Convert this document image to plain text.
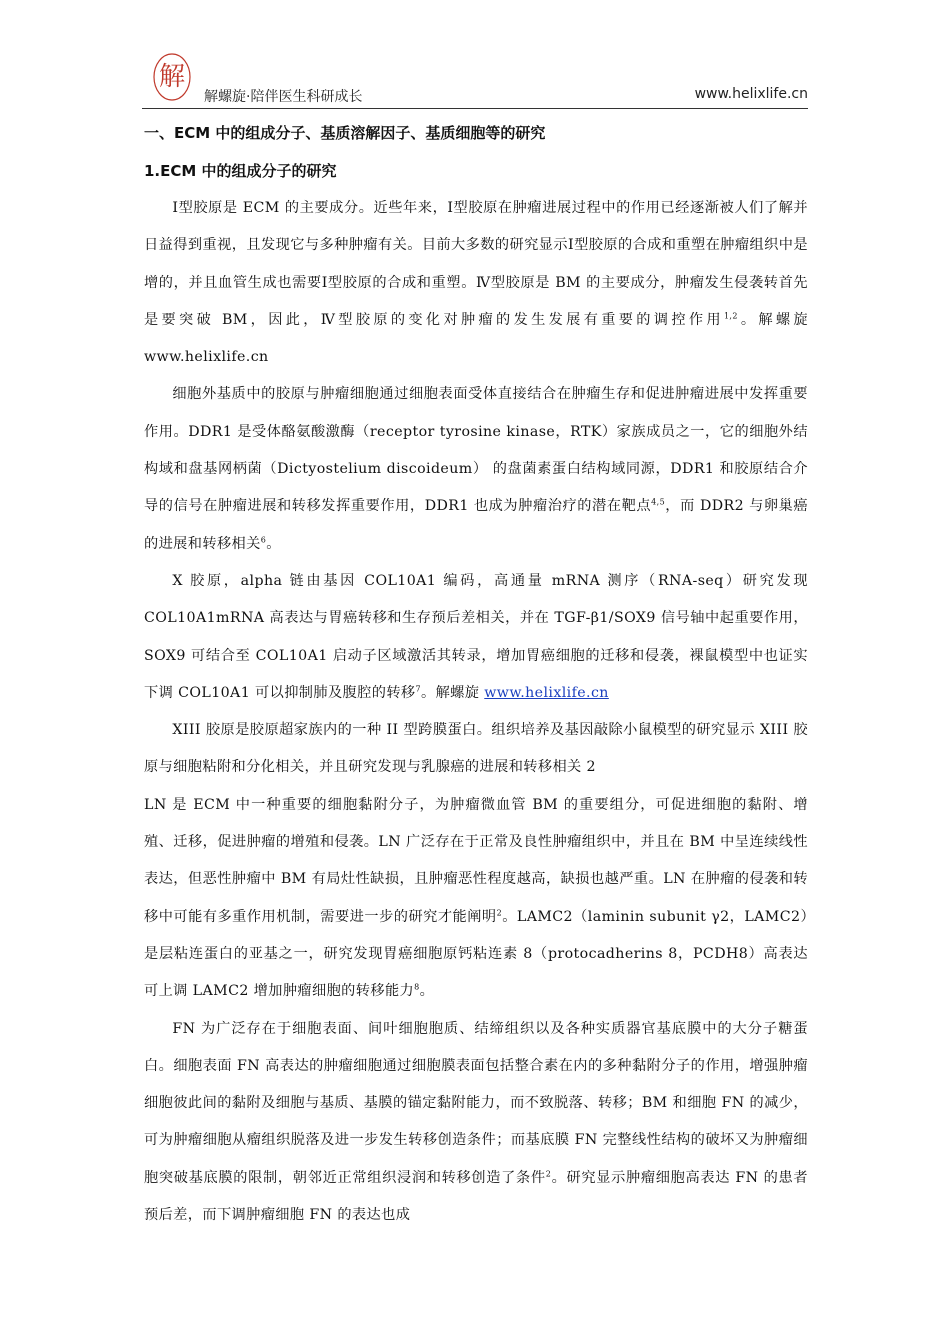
解
解螺旋·陪伴医生科研成长	www.helixlife.cn
一、ECM 中的组成分子、基质溶解因子、基质细胞等的研究
1.ECM 中的组成分子的研究

Ⅰ型胶原是 ECM 的主要成分。近些年来，Ⅰ型胶原在肿瘤进展过程中的作用已经逐渐被人们了解并日益得到重视，且发现它与多种肿瘤有关。目前大多数的研究显示Ⅰ型胶原的合成和重塑在肿瘤组织中是增的，并且血管生成也需要Ⅰ型胶原的合成和重塑。Ⅳ型胶原是 BM 的主要成分，肿瘤发生侵袭转首先是要突破 BM，因此，Ⅳ型胶原的变化对肿瘤的发生发展有重要的调控作用$^{1,2}$。解螺旋 www.helixlife.cn

细胞外基质中的胶原与肿瘤细胞通过细胞表面受体直接结合在肿瘤生存和促进肿瘤进展中发挥重要作用。DDR1 是受体酪氨酸激酶（receptor tyrosine kinase，RTK）家族成员之一，它的细胞外结构域和盘基网柄菌（Dictyostelium discoideum） 的盘菌素蛋白结构域同源，DDR1 和胶原结合介导的信号在肿瘤进展和转移发挥重要作用，DDR1 也成为肿瘤治疗的潜在靶点$^{4,5}$，而 DDR2 与卵巢癌的进展和转移相关$^6$。

X 胶原，alpha 链由基因 COL10A1 编码，高通量 mRNA 测序（RNA-seq）研究发现 COL10A1mRNA 高表达与胃癌转移和生存预后差相关，并在 TGF-β1/SOX9 信号轴中起重要作用，SOX9 可结合至 COL10A1 启动子区域激活其转录，增加胃癌细胞的迁移和侵袭，裸鼠模型中也证实下调 COL10A1 可以抑制肺及腹腔的转移$^7$。解螺旋 www.helixlife.cn

XIII 胶原是胶原超家族内的一种 II 型跨膜蛋白。组织培养及基因敲除小鼠模型的研究显示 XIII 胶原与细胞粘附和分化相关，并且研究发现与乳腺癌的进展和转移相关 2

LN 是 ECM 中一种重要的细胞黏附分子，为肿瘤微血管 BM 的重要组分，可促进细胞的黏附、增殖、迁移，促进肿瘤的增殖和侵袭。LN 广泛存在于正常及良性肿瘤组织中，并且在 BM 中呈连续线性表达，但恶性肿瘤中 BM 有局灶性缺损，且肿瘤恶性程度越高，缺损也越严重。LN 在肿瘤的侵袭和转移中可能有多重作用机制，需要进一步的研究才能阐明$^2$。LAMC2（laminin subunit γ2，LAMC2）是层粘连蛋白的亚基之一，研究发现胃癌细胞原钙粘连素 8（protocadherins 8，PCDH8）高表达可上调 LAMC2 增加肿瘤细胞的转移能力$^8$。

FN 为广泛存在于细胞表面、间叶细胞胞质、结缔组织以及各种实质器官基底膜中的大分子糖蛋白。细胞表面 FN 高表达的肿瘤细胞通过细胞膜表面包括整合素在内的多种黏附分子的作用，增强肿瘤细胞彼此间的黏附及细胞与基质、基膜的锚定黏附能力，而不致脱落、转移；BM 和细胞 FN 的减少，可为肿瘤细胞从瘤组织脱落及进一步发生转移创造条件；而基底膜 FN 完整线性结构的破坏又为肿瘤细胞突破基底膜的限制，朝邻近正常组织浸润和转移创造了条件$^2$。研究显示肿瘤细胞高表达 FN 的患者预后差，而下调肿瘤细胞 FN 的表达也成
